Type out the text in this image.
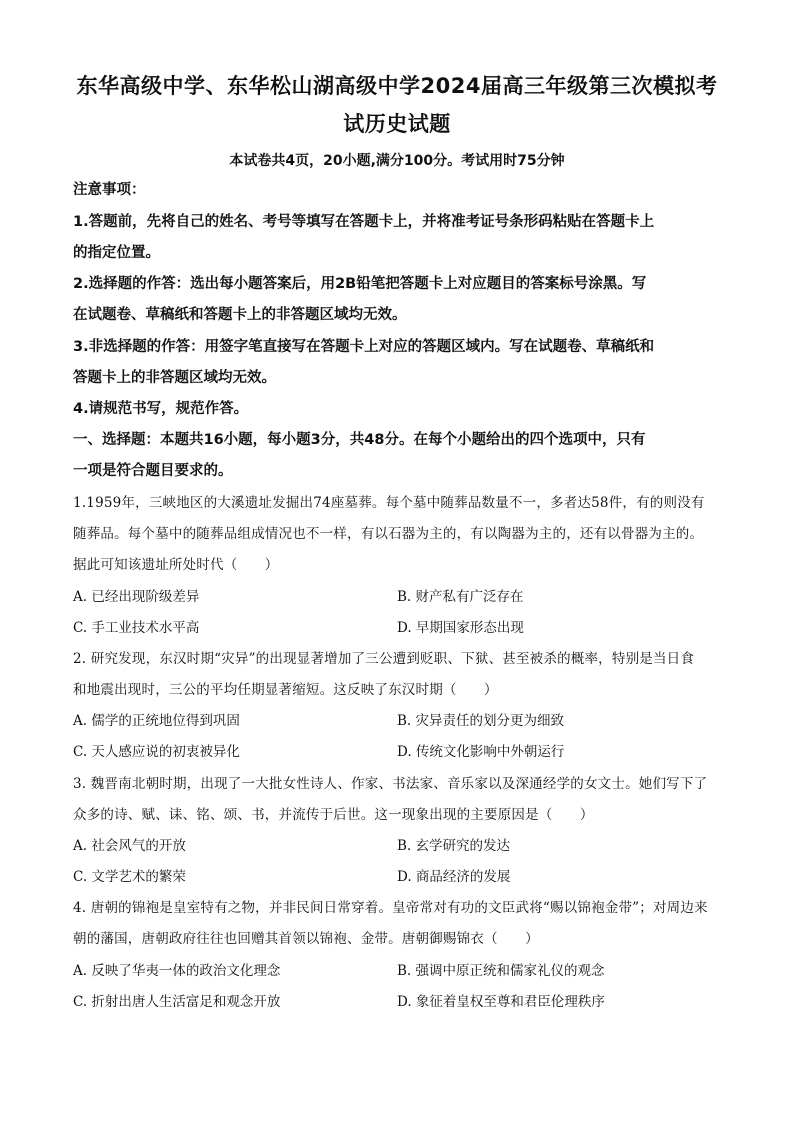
东华高级中学、东华松山湖高级中学2024届高三年级第三次模拟考
试历史试题
本试卷共4页，20小题,满分100分。考试用时75分钟
注意事项：
1.答题前，先将自己的姓名、考号等填写在答题卡上，并将准考证号条形码粘贴在答题卡上
的指定位置。
2.选择题的作答：选出每小题答案后，用2B铅笔把答题卡上对应题目的答案标号涂黑。写
在试题卷、草稿纸和答题卡上的非答题区域均无效。
3.非选择题的作答：用签字笔直接写在答题卡上对应的答题区域内。写在试题卷、草稿纸和
答题卡上的非答题区域均无效。
4.请规范书写，规范作答。
一、选择题：本题共16小题，每小题3分，共48分。在每个小题给出的四个选项中，只有
一项是符合题目要求的。
1.1959年，三峡地区的大溪遗址发掘出74座墓葬。每个墓中随葬品数量不一，多者达58件，有的则没有
随葬品。每个墓中的随葬品组成情况也不一样，有以石器为主的，有以陶器为主的，还有以骨器为主的。
据此可知该遗址所处时代（　　）
A. 已经出现阶级差异	B. 财产私有广泛存在
C. 手工业技术水平高	D. 早期国家形态出现
2. 研究发现，东汉时期“灾异”的出现显著增加了三公遭到贬职、下狱、甚至被杀的概率，特别是当日食
和地震出现时，三公的平均任期显著缩短。这反映了东汉时期（　　）
A. 儒学的正统地位得到巩固	B. 灾异责任的划分更为细致
C. 天人感应说的初衷被异化	D. 传统文化影响中外朝运行
3. 魏晋南北朝时期，出现了一大批女性诗人、作家、书法家、音乐家以及深通经学的女文士。她们写下了
众多的诗、赋、诔、铭、颂、书，并流传于后世。这一现象出现的主要原因是（　　）
A. 社会风气的开放	B. 玄学研究的发达
C. 文学艺术的繁荣	D. 商品经济的发展
4. 唐朝的锦袍是皇室特有之物，并非民间日常穿着。皇帝常对有功的文臣武将“赐以锦袍金带”；对周边来
朝的藩国，唐朝政府往往也回赠其首领以锦袍、金带。唐朝御赐锦衣（　　）
A. 反映了华夷一体的政治文化理念	B. 强调中原正统和儒家礼仪的观念
C. 折射出唐人生活富足和观念开放	D. 象征着皇权至尊和君臣伦理秩序
